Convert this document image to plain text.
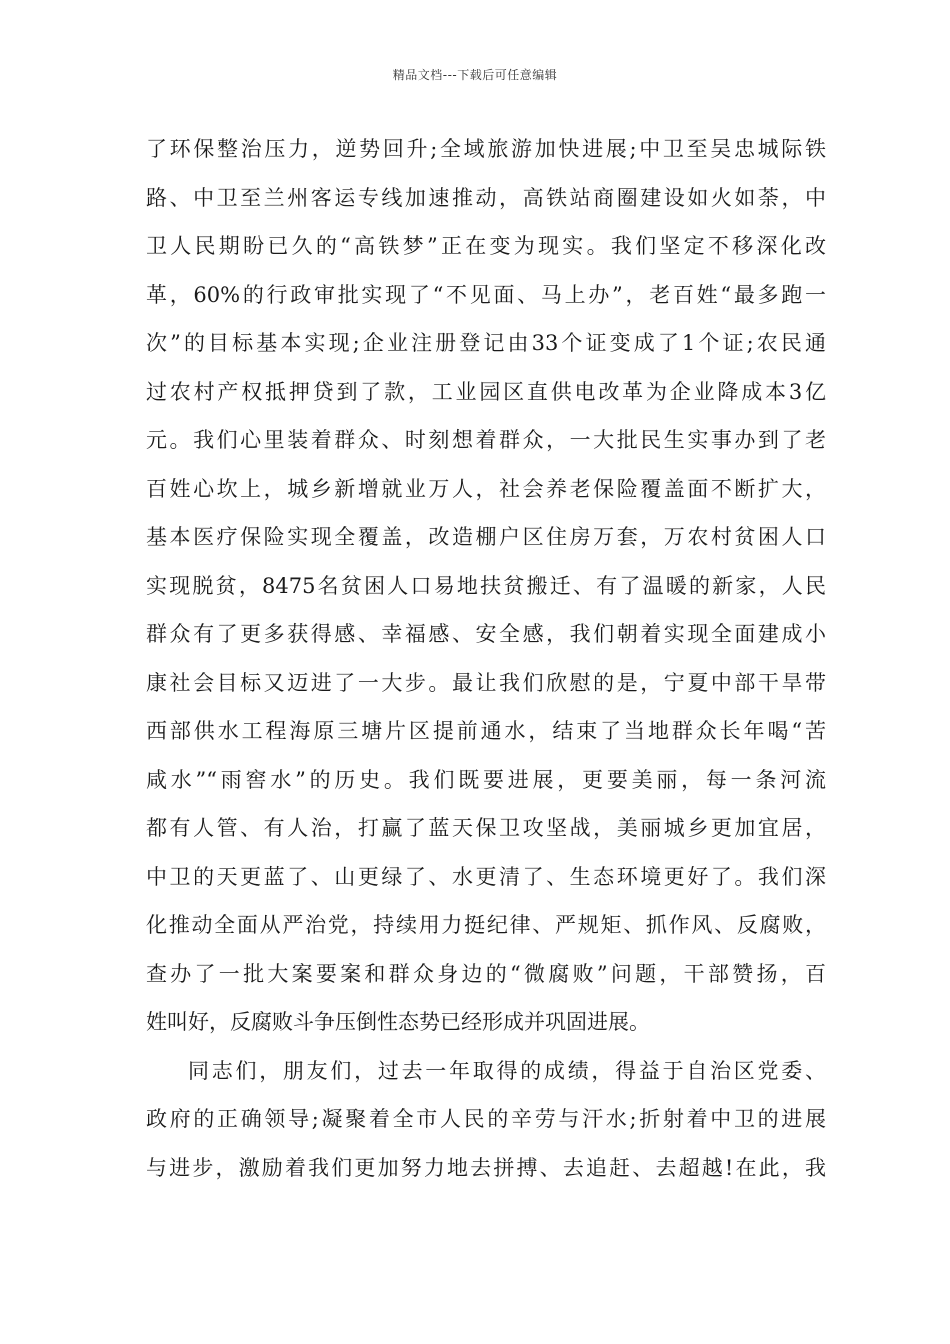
精品文档---下载后可任意编辑
了环保整治压力，逆势回升;全域旅游加快进展;中卫至吴忠城际铁
路、中卫至兰州客运专线加速推动，高铁站商圈建设如火如荼，中
卫人民期盼已久的“高铁梦”正在变为现实。我们坚定不移深化改
革，60%的行政审批实现了“不见面、马上办”，老百姓“最多跑一
次”的目标基本实现;企业注册登记由33个证变成了1个证;农民通
过农村产权抵押贷到了款，工业园区直供电改革为企业降成本3亿
元。我们心里装着群众、时刻想着群众，一大批民生实事办到了老
百姓心坎上，城乡新增就业万人，社会养老保险覆盖面不断扩大，
基本医疗保险实现全覆盖，改造棚户区住房万套，万农村贫困人口
实现脱贫，8475名贫困人口易地扶贫搬迁、有了温暖的新家，人民
群众有了更多获得感、幸福感、安全感，我们朝着实现全面建成小
康社会目标又迈进了一大步。最让我们欣慰的是，宁夏中部干旱带
西部供水工程海原三塘片区提前通水，结束了当地群众长年喝“苦
咸水”“雨窖水”的历史。我们既要进展，更要美丽，每一条河流
都有人管、有人治，打赢了蓝天保卫攻坚战，美丽城乡更加宜居，
中卫的天更蓝了、山更绿了、水更清了、生态环境更好了。我们深
化推动全面从严治党，持续用力挺纪律、严规矩、抓作风、反腐败，
查办了一批大案要案和群众身边的“微腐败”问题，干部赞扬，百
姓叫好，反腐败斗争压倒性态势已经形成并巩固进展。
同志们，朋友们，过去一年取得的成绩，得益于自治区党委、
政府的正确领导;凝聚着全市人民的辛劳与汗水;折射着中卫的进展
与进步，激励着我们更加努力地去拼搏、去追赶、去超越!在此，我
